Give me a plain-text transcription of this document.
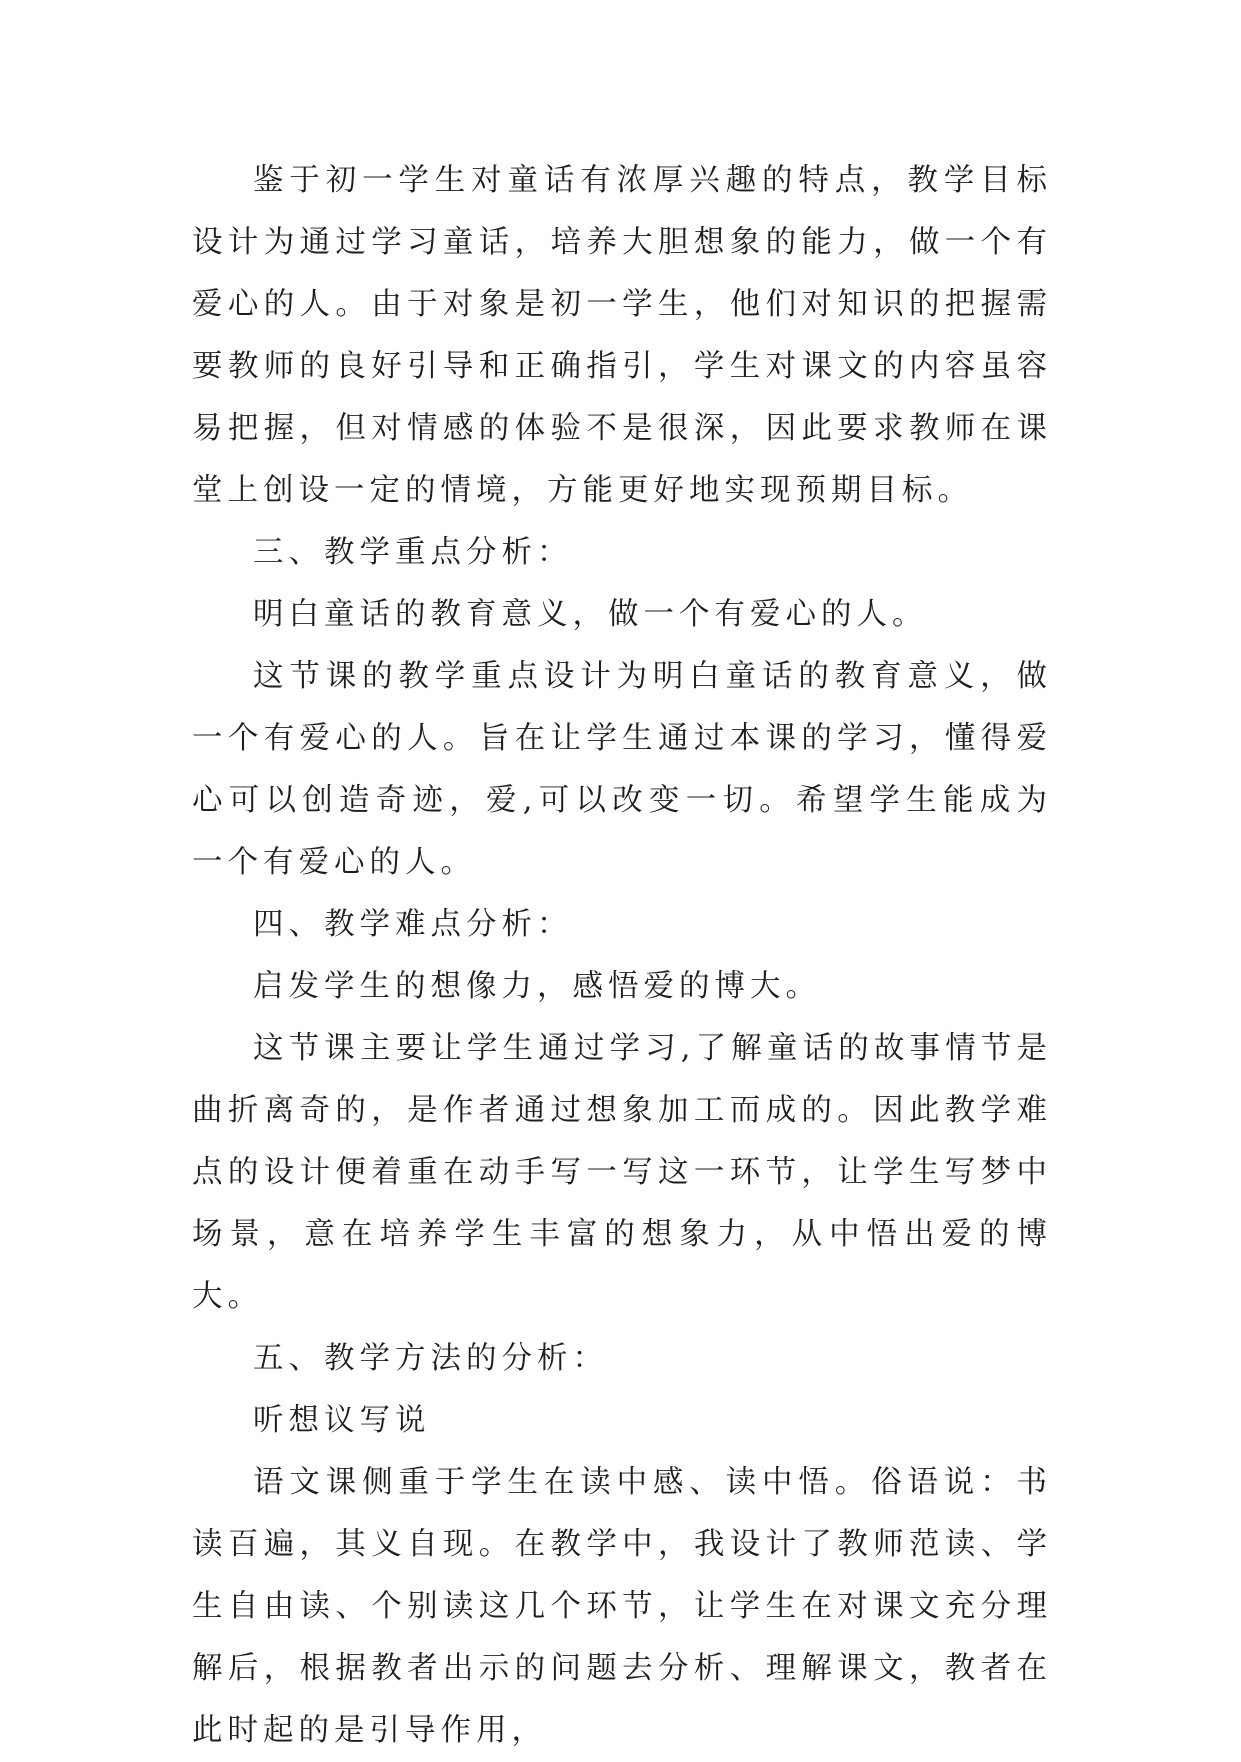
鉴于初一学生对童话有浓厚兴趣的特点，教学目标设计为通过学习童话，培养大胆想象的能力，做一个有爱心的人。由于对象是初一学生，他们对知识的把握需要教师的良好引导和正确指引，学生对课文的内容虽容易把握，但对情感的体验不是很深，因此要求教师在课堂上创设一定的情境，方能更好地实现预期目标。

三、教学重点分析：

明白童话的教育意义，做一个有爱心的人。

这节课的教学重点设计为明白童话的教育意义，做一个有爱心的人。旨在让学生通过本课的学习，懂得爱心可以创造奇迹，爱,可以改变一切。希望学生能成为一个有爱心的人。

四、教学难点分析：

启发学生的想像力，感悟爱的博大。

这节课主要让学生通过学习,了解童话的故事情节是曲折离奇的，是作者通过想象加工而成的。因此教学难点的设计便着重在动手写一写这一环节，让学生写梦中场景，意在培养学生丰富的想象力，从中悟出爱的博大。

五、教学方法的分析：

听想议写说

语文课侧重于学生在读中感、读中悟。俗语说：书读百遍，其义自现。在教学中，我设计了教师范读、学生自由读、个别读这几个环节，让学生在对课文充分理解后，根据教者出示的问题去分析、理解课文，教者在此时起的是引导作用，
